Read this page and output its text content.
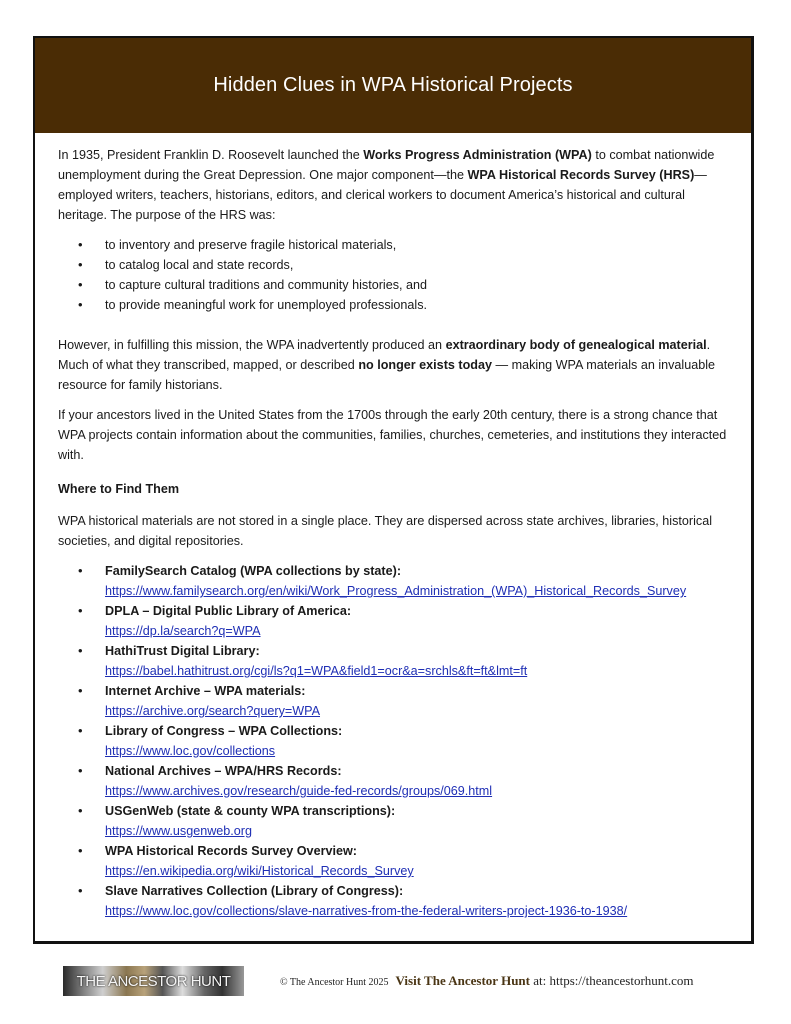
Hidden Clues in WPA Historical Projects

In 1935, President Franklin D. Roosevelt launched the Works Progress Administration (WPA) to combat nationwide unemployment during the Great Depression. One major component—the WPA Historical Records Survey (HRS)—employed writers, teachers, historians, editors, and clerical workers to document America’s historical and cultural heritage. The purpose of the HRS was:

• to inventory and preserve fragile historical materials,
• to catalog local and state records,
• to capture cultural traditions and community histories, and
• to provide meaningful work for unemployed professionals.

However, in fulfilling this mission, the WPA inadvertently produced an extraordinary body of genealogical material. Much of what they transcribed, mapped, or described no longer exists today — making WPA materials an invaluable resource for family historians.

If your ancestors lived in the United States from the 1700s through the early 20th century, there is a strong chance that WPA projects contain information about the communities, families, churches, cemeteries, and institutions they interacted with.

Where to Find Them

WPA historical materials are not stored in a single place. They are dispersed across state archives, libraries, historical societies, and digital repositories.

• FamilySearch Catalog (WPA collections by state):
https://www.familysearch.org/en/wiki/Work_Progress_Administration_(WPA)_Historical_Records_Survey
• DPLA – Digital Public Library of America:
https://dp.la/search?q=WPA
• HathiTrust Digital Library:
https://babel.hathitrust.org/cgi/ls?q1=WPA&field1=ocr&a=srchls&ft=ft&lmt=ft
• Internet Archive – WPA materials:
https://archive.org/search?query=WPA
• Library of Congress – WPA Collections:
https://www.loc.gov/collections
• National Archives – WPA/HRS Records:
https://www.archives.gov/research/guide-fed-records/groups/069.html
• USGenWeb (state & county WPA transcriptions):
https://www.usgenweb.org
• WPA Historical Records Survey Overview:
https://en.wikipedia.org/wiki/Historical_Records_Survey
• Slave Narratives Collection (Library of Congress):
https://www.loc.gov/collections/slave-narratives-from-the-federal-writers-project-1936-to-1938/
THE ANCESTOR HUNT	© The Ancestor Hunt 2025 Visit The Ancestor Hunt at: https://theancestorhunt.com
